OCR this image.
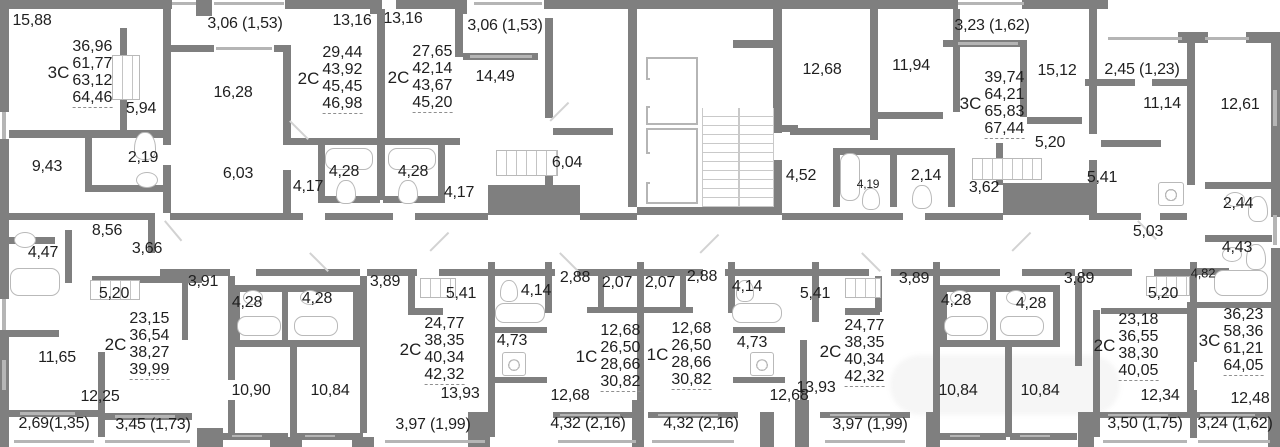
15,88
5,94
2,19
9,43
3,06 (1,53)
16,28
6,03
4,17
13,16 13,16
4,28 4,28
3,06 (1,53)
14,49
4,17
6,04
12,68
4,52	4,19
11,94
2,14
3,62
3,23 (1,62)
15,12
5,20
5,41
2,45 (1,23)
11,14 12,61
5,03
2,44
4,43
4,82
5,20
8,56
3,66
4,47
5,20
3,91
4,28 4,28
11,65
12,25	10,90
2,69(1,35) 3,45 (1,73)
3,89
5,41
10,84	13,93
3,97 (1,99)
4,73
4,14
2,88 2,07
12,68
4,32 (2,16)
2,07 2,88
4,14
4,73
5,41
12,68
13,93
3,89
4,32 (2,16)	3,97 (1,99)
10,84	10,84
4,28	4,28
3,89
12,34
3,50 (1,75)
12,48
3,24 (1,62)
3C
36,96
61,77
63,12
64,46
2C
29,44
43,92
45,45
46,98
2C
27,65
42,14
43,67
45,20	3C
39,74
64,21
65,83
67,44
2C
23,15
36,54
38,27
39,99
2C
24,77
38,35
40,34
42,32
1C
12,68
26,50
28,66
30,82
1C
12,68
26,50
28,66
30,82
2C
24,77
38,35
40,34
42,32
2C
23,18
36,55
38,30
40,05
3C
36,23
58,36
61,21
64,05
